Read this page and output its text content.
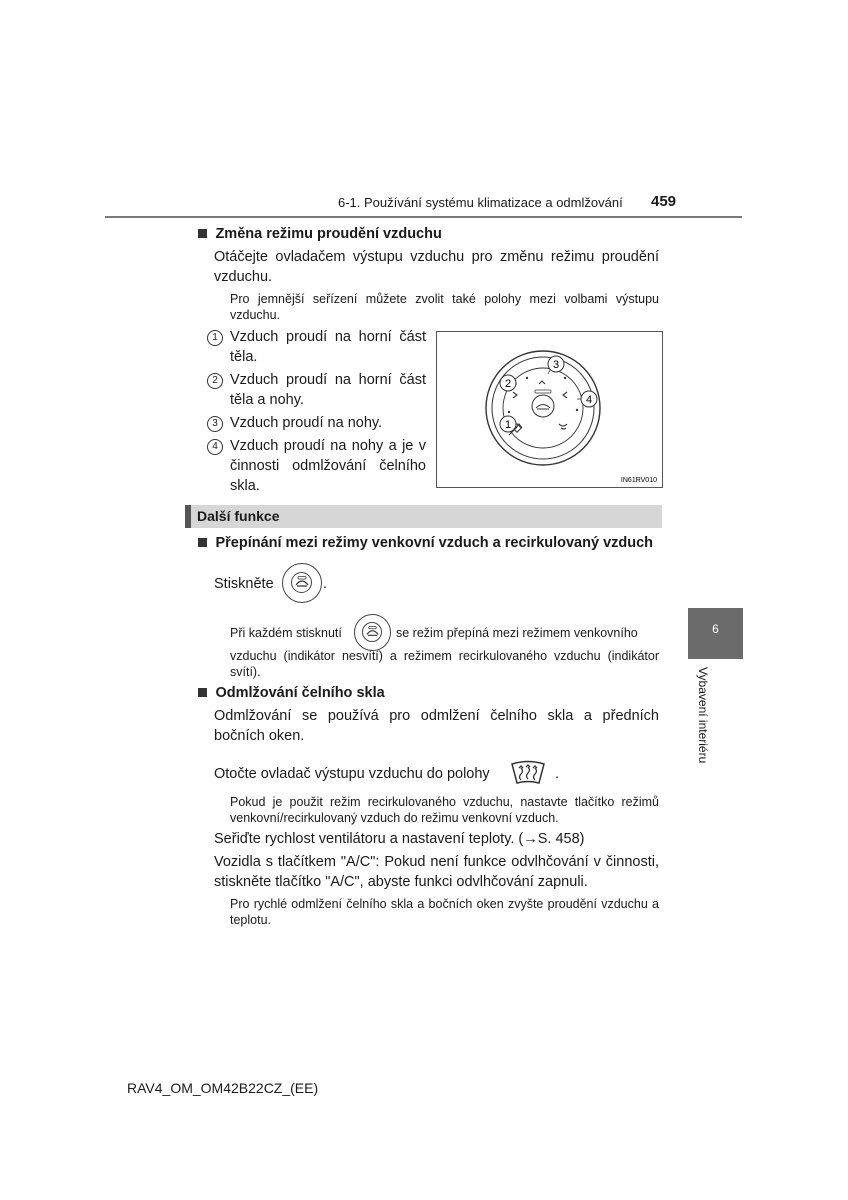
6-1. Používání systému klimatizace a odmlžování 459
Změna režimu proudění vzduchu
Otáčejte ovladačem výstupu vzduchu pro změnu režimu proudění vzduchu.
Pro jemnější seřízení můžete zvolit také polohy mezi volbami výstupu vzduchu.
1 Vzduch proudí na horní část těla.
2 Vzduch proudí na horní část těla a nohy.
3 Vzduch proudí na nohy.
4 Vzduch proudí na nohy a je v činnosti odmlžování čelního skla.
3
2
4
1
IN61RV010
Další funkce
Přepínání mezi režimy venkovní vzduch a recirkulovaný vzduch
Stiskněte	.
Při každém stisknutí	se režim přepíná mezi režimem venkovního
vzduchu (indikátor nesvítí) a režimem recirkulovaného vzduchu (indikátor svítí).
Odmlžování čelního skla
Odmlžování se používá pro odmlžení čelního skla a předních bočních oken.
Otočte ovladač výstupu vzduchu do polohy	.
Pokud je použit režim recirkulovaného vzduchu, nastavte tlačítko režimů venkovní/recirkulovaný vzduch do režimu venkovní vzduch.
Seřiďte rychlost ventilátoru a nastavení teploty. (→S. 458)
Vozidla s tlačítkem "A/C": Pokud není funkce odvlhčování v činnosti, stiskněte tlačítko "A/C", abyste funkci odvlhčování zapnuli.
Pro rychlé odmlžení čelního skla a bočních oken zvyšte proudění vzduchu a teplotu.
6
Vybavení interiéru
RAV4_OM_OM42B22CZ_(EE)
